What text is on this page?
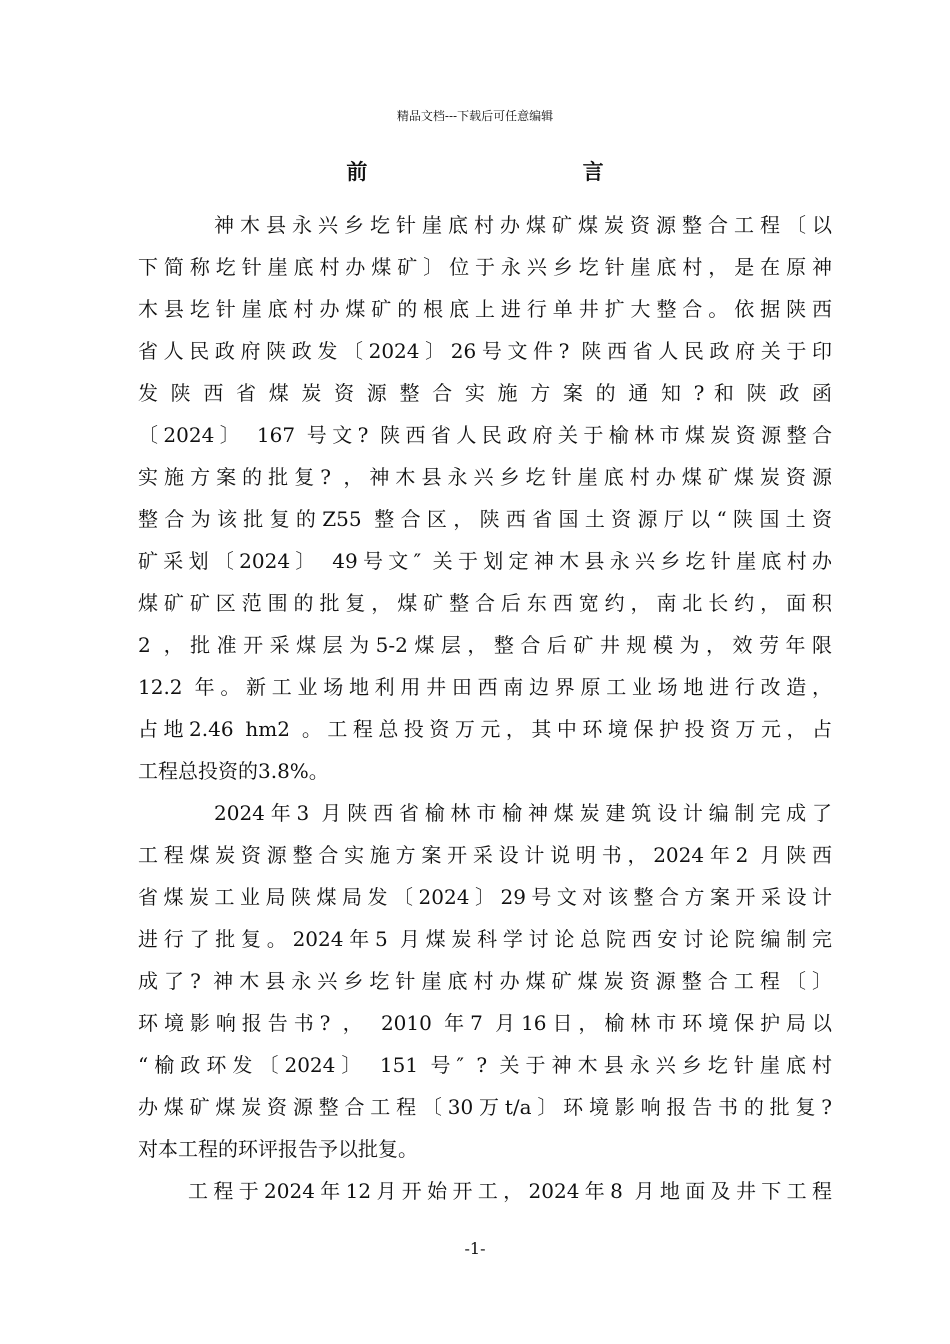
精品文档---下载后可任意编辑
前 言
神木县永兴乡圪针崖底村办煤矿煤炭资源整合工程〔以
下简称圪针崖底村办煤矿〕位于永兴乡圪针崖底村，是在原神
木县圪针崖底村办煤矿的根底上进行单井扩大整合。依据陕西
省人民政府陕政发〔2024〕26号文件? 陕西省人民政府关于印
发 陕 西 省 煤 炭 资 源 整 合 实 施 方 案 的 通 知 ? 和 陕 政 函
〔2024〕 167 号文? 陕西省人民政府关于榆林市煤炭资源整合
实施方案的批复? ，神木县永兴乡圪针崖底村办煤矿煤炭资源
整合为该批复的Z55 整合区，陕西省国土资源厅以“陕国土资
矿采划〔2024〕 49号文″ 关于划定神木县永兴乡圪针崖底村办
煤矿矿区范围的批复，煤矿整合后东西宽约，南北长约，面积
2 ，批准开采煤层为5-2煤层，整合后矿井规模为，效劳年限
12.2 年。新工业场地利用井田西南边界原工业场地进行改造，
占地2.46 hm2 。工程总投资万元，其中环境保护投资万元，占
工程总投资的3.8%。
2024年3 月陕西省榆林市榆神煤炭建筑设计编制完成了
工程煤炭资源整合实施方案开采设计说明书，2024年2 月陕西
省煤炭工业局陕煤局发〔2024〕29号文对该整合方案开采设计
进行了批复。2024年5 月煤炭科学讨论总院西安讨论院编制完
成了? 神木县永兴乡圪针崖底村办煤矿煤炭资源整合工程〔〕
环境影响报告书? ， 2010 年7 月16日，榆林市环境保护局以
“榆政环发〔2024〕 151 号″ ? 关于神木县永兴乡圪针崖底村
办煤矿煤炭资源整合工程〔30万t/a〕环境影响报告书的批复?
对本工程的环评报告予以批复。
工程于2024年12月开始开工，2024年8 月地面及井下工程
-1-
